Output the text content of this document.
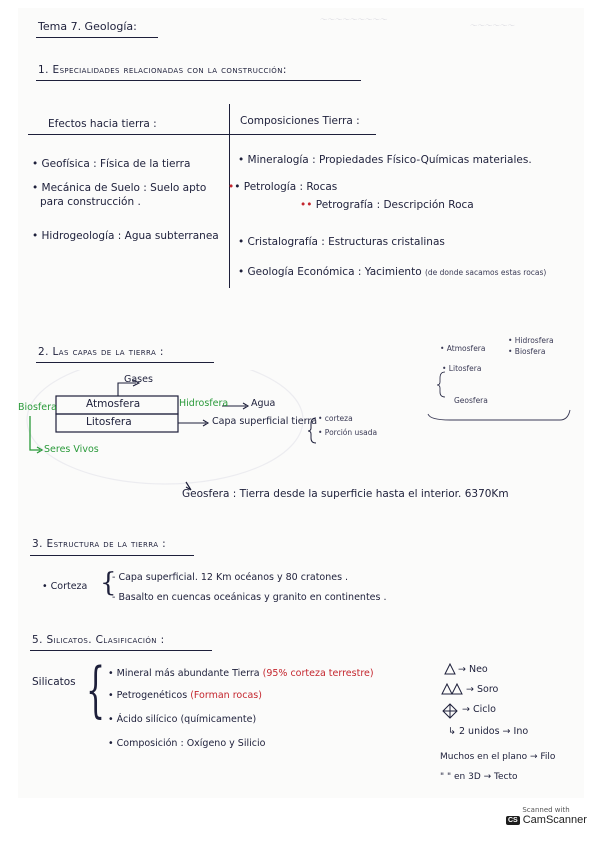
～～～～～～～～～
～～～～～～
Tema 7. Geología:
1. Especialidades relacionadas con la construcción:
Efectos hacia tierra :	Composiciones Tierra :
• Geofísica : Física de la tierra
• Mecánica de Suelo : Suelo apto
para construcción .
• Hidrogeología : Agua subterranea
• Mineralogía : Propiedades Físico-Químicas materiales.
•• Petrología : Rocas
•• Petrografía : Descripción Roca
• Cristalografía : Estructuras cristalinas
• Geología Económica : Yacimiento (de donde sacamos estas rocas)
2. Las capas de la tierra :
Gases
Atmosfera
Litosfera
Biosfera	Hidrosfera Agua
Capa superficial tierra • corteza
• Porción usada
Seres Vivos
• Atmosfera
• Hidrosfera
• Biosfera
• Litosfera
Geosfera
Geosfera : Tierra desde la superficie hasta el interior. 6370Km
3. Estructura de la tierra :
• Corteza {
- Capa superficial. 12 Km océanos y 80 cratones .
- Basalto en cuencas oceánicas y granito en continentes .
5. Silicatos. Clasificación :
Silicatos { • Mineral más abundante Tierra (95% corteza terrestre)
• Petrogenéticos (Forman rocas)
• Ácido silícico (químicamente)
• Composición : Oxígeno y Silicio
→ Neo
→ Soro
→ Ciclo
↳ 2 unidos → Ino
Muchos en el plano → Filo
" " en 3D → Tecto
Scanned with
CS CamScanner
